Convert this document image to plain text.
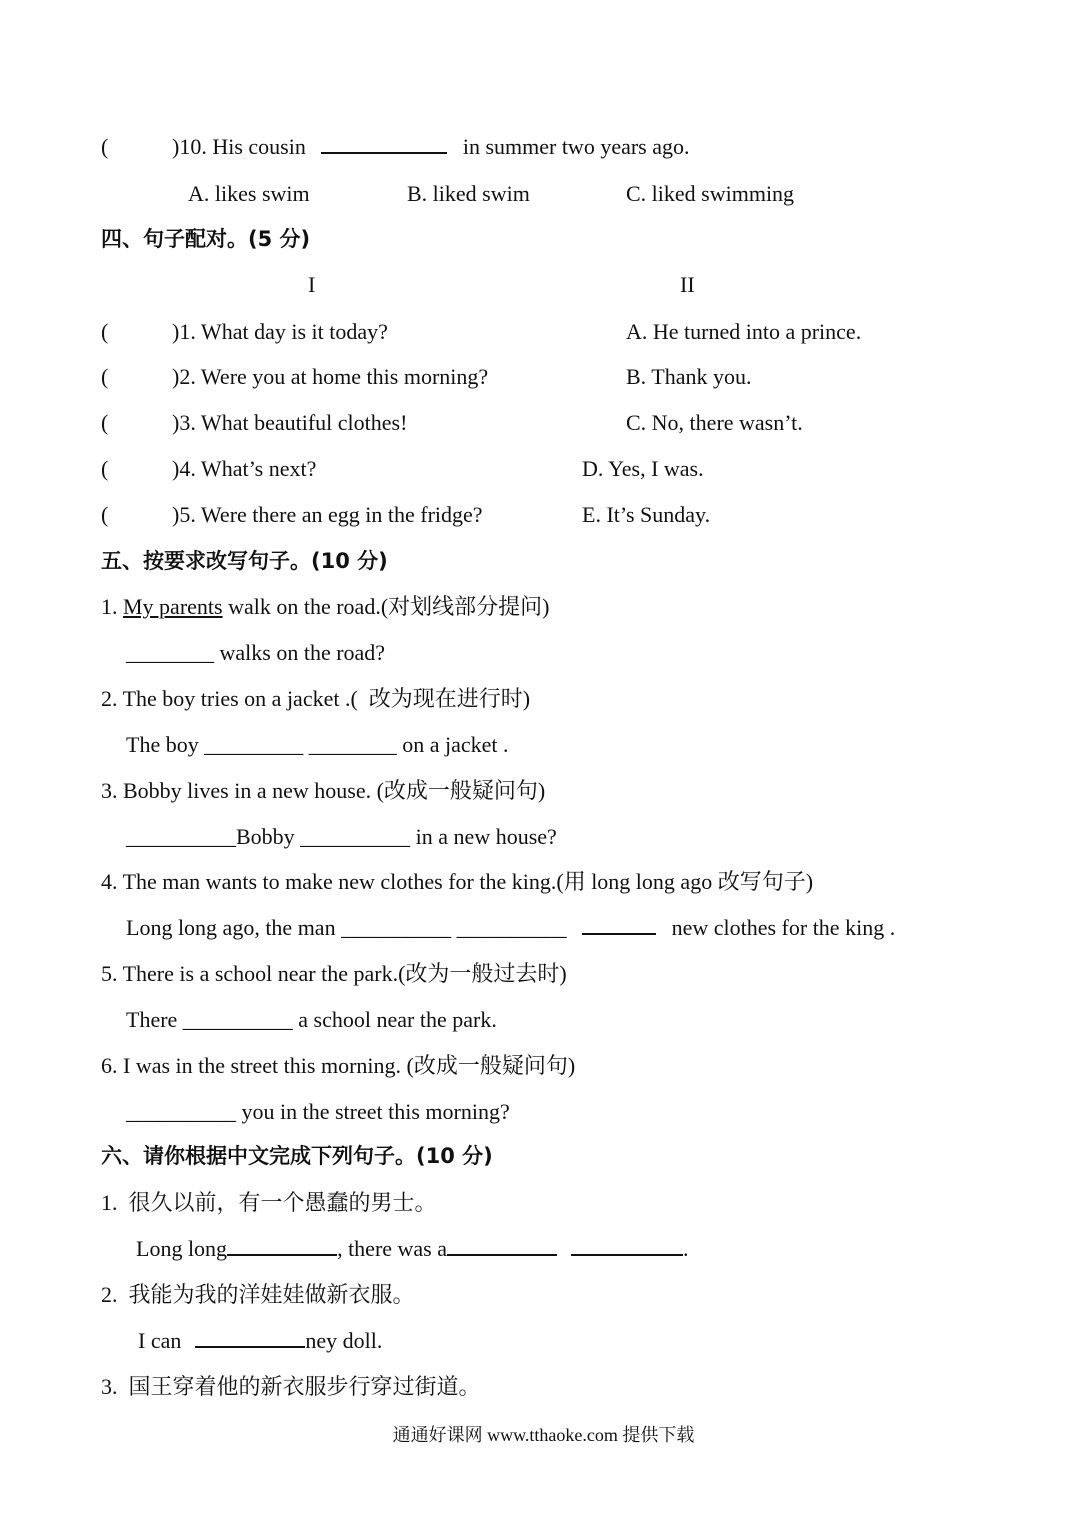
(	)10. His cousin	in summer two years ago.
A. likes swim	B. liked swim	C. liked swimming
四、句子配对。(5 分)
I	II
(	)1. What day is it today?	A. He turned into a prince.
(	)2. Were you at home this morning?	B. Thank you.
(	)3. What beautiful clothes!	C. No, there wasn’t.
(	)4. What’s next?	D. Yes, I was.
(	)5. Were there an egg in the fridge?	E. It’s Sunday.
五、按要求改写句子。(10 分)
1. My parents walk on the road.(对划线部分提问)
________ walks on the road?
2. The boy tries on a jacket .(  改为现在进行时)
The boy _________ ________ on a jacket .
3. Bobby lives in a new house. (改成一般疑问句)
__________Bobby __________ in a new house?
4. The man wants to make new clothes for the king.(用 long long ago 改写句子)
Long long ago, the man __________ __________	new clothes for the king .
5. There is a school near the park.(改为一般过去时)
There __________ a school near the park.
6. I was in the street this morning. (改成一般疑问句)
__________ you in the street this morning?
六、请你根据中文完成下列句子。(10 分)
1.  很久以前，有一个愚蠢的男士。
Long long	, there was a	.
2.  我能为我的洋娃娃做新衣服。
I can	ney doll.
3.  国王穿着他的新衣服步行穿过街道。
通通好课网 www.tthaoke.com 提供下载
